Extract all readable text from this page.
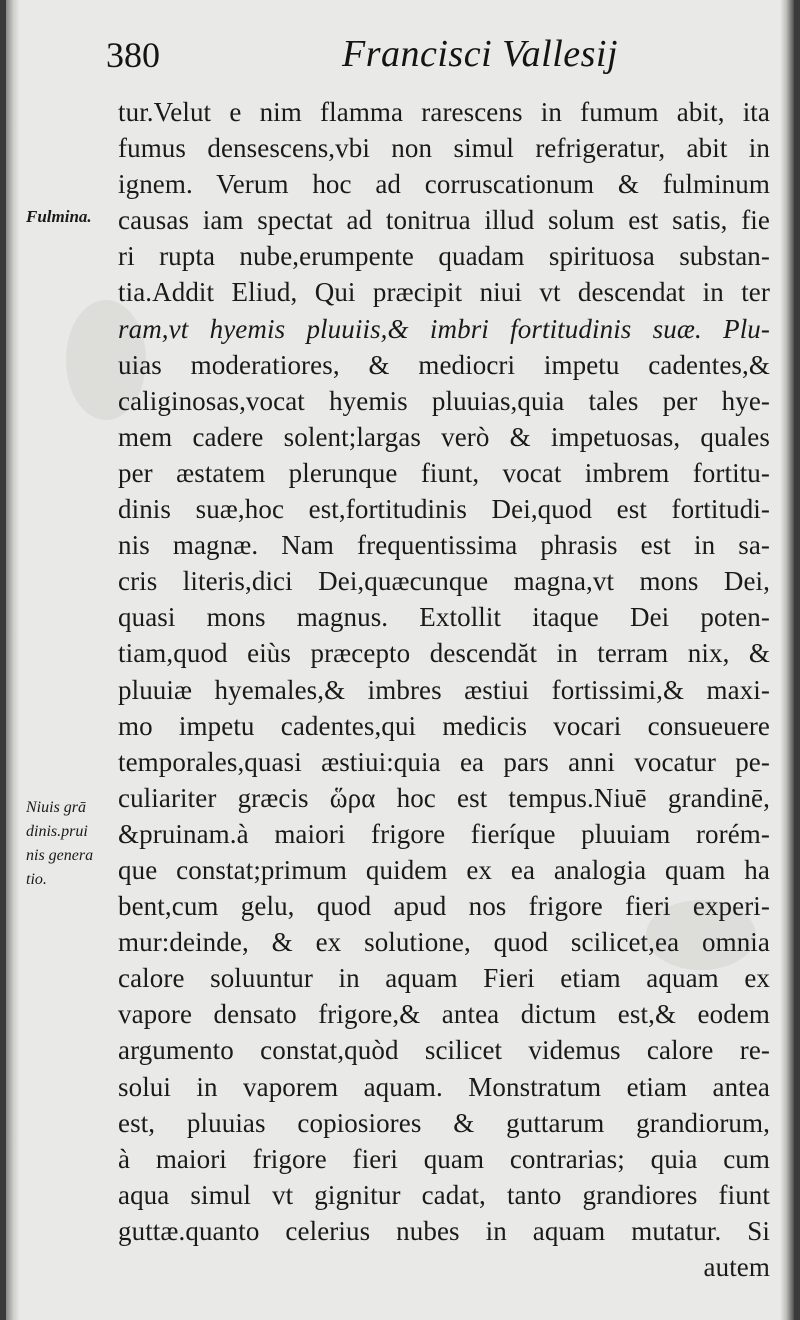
380	Francisci Vallesij
Fulmina.
Niuis grā
dinis.prui
nis genera
tio.
tur.Velut e nim flamma rarescens in fumum abit, ita
fumus densescens,vbi non simul refrigeratur, abit in
ignem. Verum hoc ad corruscationum & fulminum
causas iam spectat ad tonitrua illud solum est satis, fie
ri rupta nube,erumpente quadam spirituosa substan-
tia.Addit Eliud, Qui præcipit niui vt descendat in ter
ram,vt hyemis pluuiis,& imbri fortitudinis suæ. Plu-
uias moderatiores, & mediocri impetu cadentes,&
caliginosas,vocat hyemis pluuias,quia tales per hye-
mem cadere solent;largas verò & impetuosas, quales
per æstatem plerunque fiunt, vocat imbrem fortitu-
dinis suæ,hoc est,fortitudinis Dei,quod est fortitudi-
nis magnæ. Nam frequentissima phrasis est in sa-
cris literis,dici Dei,quæcunque magna,vt mons Dei,
quasi mons magnus. Extollit itaque Dei poten-
tiam,quod eiùs præcepto descendăt in terram nix, &
pluuiæ hyemales,& imbres æstiui fortissimi,& maxi-
mo impetu cadentes,qui medicis vocari consueuere
temporales,quasi æstiui:quia ea pars anni vocatur pe-
culiariter græcis ὥρα hoc est tempus.Niuē grandinē,
&pruinam.à maiori frigore fieríque pluuiam rorém-
que constat;primum quidem ex ea analogia quam ha
bent,cum gelu, quod apud nos frigore fieri experi-
mur:deinde, & ex solutione, quod scilicet,ea omnia
calore soluuntur in aquam Fieri etiam aquam ex
vapore densato frigore,& antea dictum est,& eodem
argumento constat,quòd scilicet videmus calore re-
solui in vaporem aquam. Monstratum etiam antea
est, pluuias copiosiores & guttarum grandiorum,
à maiori frigore fieri quam contrarias; quia cum
aqua simul vt gignitur cadat, tanto grandiores fiunt
guttæ.quanto celerius nubes in aquam mutatur. Si
autem
